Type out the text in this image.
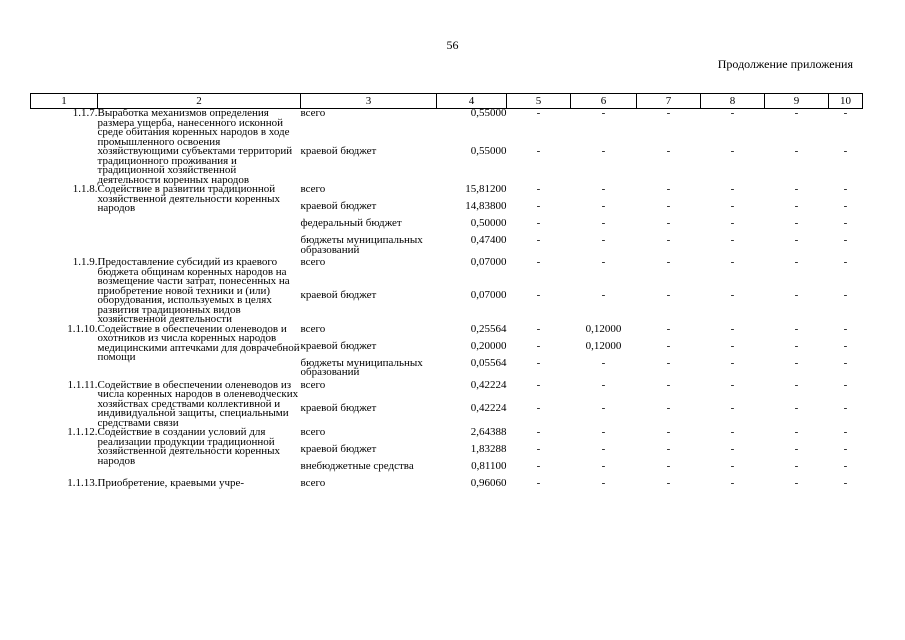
56
Продолжение приложения
1	2	3	4	5	6	7	8	9	10
1.1.7.	Выработка механизмов определения размера ущерба, нанесенного исконной среде обитания коренных народов в ходе промышленного освоения хозяйствующими субъектами территорий традиционного проживания и традиционной хозяйственной деятельности коренных народов	всего	0,55000	-	-	-	-	-	-
		краевой бюджет	0,55000	-	-	-	-	-	-
1.1.8.	Содействие в развитии традиционной хозяйственной деятельности коренных народов	всего	15,81200	-	-	-	-	-	-
		краевой бюджет	14,83800	-	-	-	-	-	-
		федеральный бюджет	0,50000	-	-	-	-	-	-
		бюджеты муниципальных образований	0,47400	-	-	-	-	-	-
1.1.9.	Предоставление субсидий из краевого бюджета общинам коренных народов на возмещение части затрат, понесенных на приобретение новой техники и (или) оборудования, используемых в целях развития традиционных видов хозяйственной деятельности	всего	0,07000	-	-	-	-	-	-
		краевой бюджет	0,07000	-	-	-	-	-	-
1.1.10.	Содействие в обеспечении оленеводов и охотников из числа коренных народов медицинскими аптечками для доврачебной помощи	всего	0,25564	-	0,12000	-	-	-	-
		краевой бюджет	0,20000	-	0,12000	-	-	-	-
		бюджеты муниципальных образований	0,05564	-	-	-	-	-	-
1.1.11.	Содействие в обеспечении оленеводов из числа коренных народов в оленеводческих хозяйствах средствами коллективной и индивидуальной защиты, специальными средствами связи	всего	0,42224	-	-	-	-	-	-
		краевой бюджет	0,42224	-	-	-	-	-	-
1.1.12.	Содействие в создании условий для реализации продукции традиционной хозяйственной деятельности коренных народов	всего	2,64388	-	-	-	-	-	-
		краевой бюджет	1,83288	-	-	-	-	-	-
		внебюджетные средства	0,81100	-	-	-	-	-	-
1.1.13.	Приобретение, краевыми учре-	всего	0,96060	-	-	-	-	-	-
